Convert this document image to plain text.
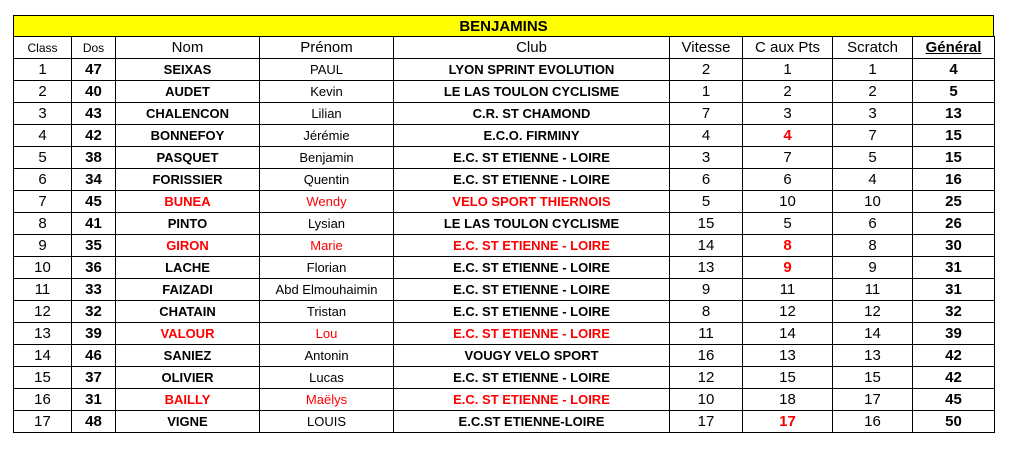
BENJAMINS
Class	Dos	Nom	Prénom	Club	Vitesse	C aux Pts	Scratch	Général
1	47	SEIXAS	PAUL	LYON SPRINT EVOLUTION	2	1	1	4
2	40	AUDET	Kevin	LE LAS TOULON CYCLISME	1	2	2	5
3	43	CHALENCON	Lilian	C.R. ST CHAMOND	7	3	3	13
4	42	BONNEFOY	Jérémie	E.C.O. FIRMINY	4	4	7	15
5	38	PASQUET	Benjamin	E.C. ST ETIENNE - LOIRE	3	7	5	15
6	34	FORISSIER	Quentin	E.C. ST ETIENNE - LOIRE	6	6	4	16
7	45	BUNEA	Wendy	VELO SPORT THIERNOIS	5	10	10	25
8	41	PINTO	Lysian	LE LAS TOULON CYCLISME	15	5	6	26
9	35	GIRON	Marie	E.C. ST ETIENNE - LOIRE	14	8	8	30
10	36	LACHE	Florian	E.C. ST ETIENNE - LOIRE	13	9	9	31
11	33	FAIZADI	Abd Elmouhaimin	E.C. ST ETIENNE - LOIRE	9	11	11	31
12	32	CHATAIN	Tristan	E.C. ST ETIENNE - LOIRE	8	12	12	32
13	39	VALOUR	Lou	E.C. ST ETIENNE - LOIRE	11	14	14	39
14	46	SANIEZ	Antonin	VOUGY VELO SPORT	16	13	13	42
15	37	OLIVIER	Lucas	E.C. ST ETIENNE - LOIRE	12	15	15	42
16	31	BAILLY	Maëlys	E.C. ST ETIENNE - LOIRE	10	18	17	45
17	48	VIGNE	LOUIS	E.C.ST ETIENNE-LOIRE	17	17	16	50
